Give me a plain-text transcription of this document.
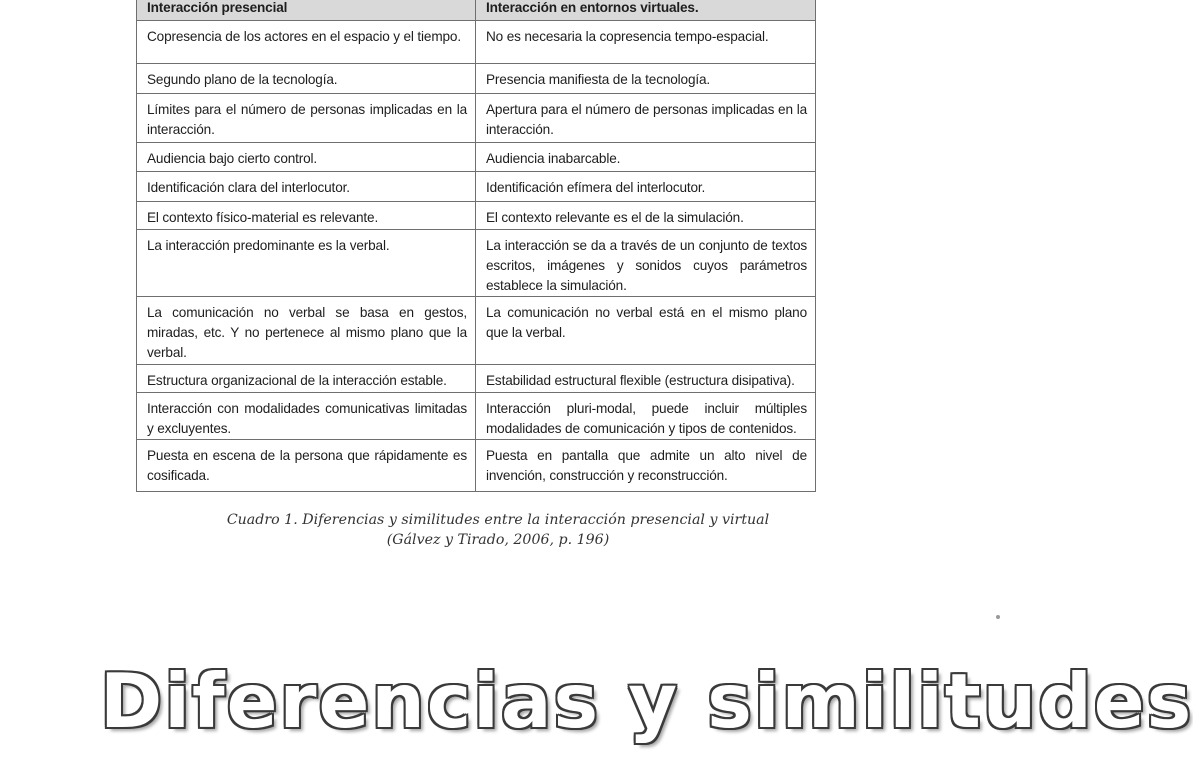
Interacción presencial	Interacción en entornos virtuales.
Copresencia de los actores en el espacio y el tiempo.	No es necesaria la copresencia tempo-espacial.
Segundo plano de la tecnología.	Presencia manifiesta de la tecnología.
Límites para el número de personas implicadas en la interacción.	Apertura para el número de personas implicadas en la interacción.
Audiencia bajo cierto control.	Audiencia inabarcable.
Identificación clara del interlocutor.	Identificación efímera del interlocutor.
El contexto físico-material es relevante.	El contexto relevante es el de la simulación.
La interacción predominante es la verbal.	La interacción se da a través de un conjunto de textos escritos, imágenes y sonidos cuyos parámetros establece la simulación.
La comunicación no verbal se basa en gestos, miradas, etc. Y no pertenece al mismo plano que la verbal.	La comunicación no verbal está en el mismo plano que la verbal.
Estructura organizacional de la interacción estable.	Estabilidad estructural flexible (estructura disipativa).
Interacción con modalidades comunicativas limitadas y excluyentes.	Interacción pluri-modal, puede incluir múltiples modalidades de comunicación y tipos de contenidos.
Puesta en escena de la persona que rápidamente es cosificada.	Puesta en pantalla que admite un alto nivel de invención, construcción y reconstrucción.
Cuadro 1. Diferencias y similitudes entre la interacción presencial y virtual
(Gálvez y Tirado, 2006, p. 196)
Diferencias y similitudes
